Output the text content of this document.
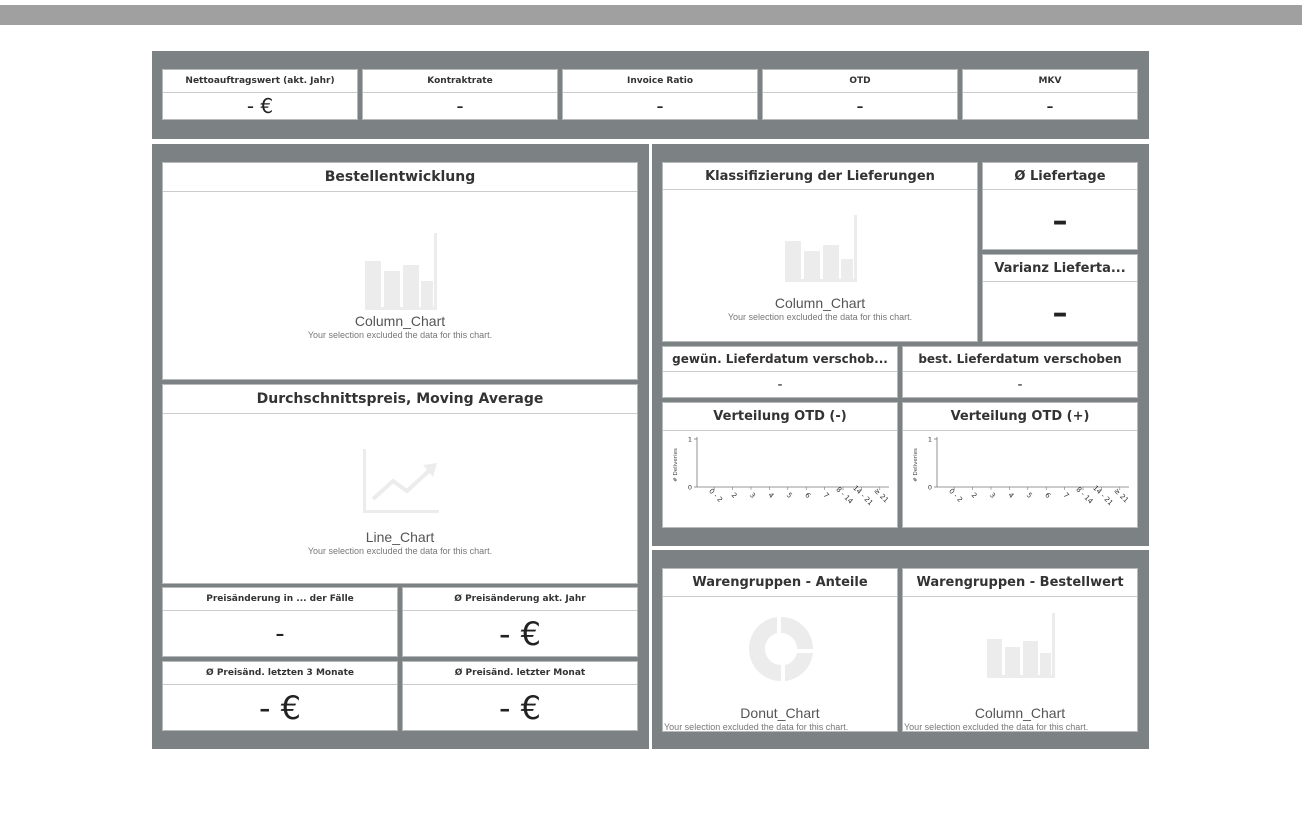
Nettoauftragswert (akt. Jahr)
- €
Kontraktrate
-
Invoice Ratio
-
OTD
-
MKV
-
Bestellentwicklung
Column_Chart
Your selection excluded the data for this chart.
Durchschnittspreis, Moving Average
Line_Chart
Your selection excluded the data for this chart.
Preisänderung in ... der Fälle
-
Ø Preisänderung akt. Jahr
- €
Ø Preisänd. letzten 3 Monate
- €
Ø Preisänd. letzter Monat
- €
Klassifizierung der Lieferungen
Column_Chart
Your selection excluded the data for this chart.
Ø Liefertage
–
Varianz Lieferta...
–
gewün. Lieferdatum verschob...
-
best. Lieferdatum verschoben
-
Verteilung OTD (-)
# Deliveries
0
1
0 - 2 2 3 4 5 6 7 8 - 14
14 - 21
≥ 21
Verteilung OTD (+)
# Deliveries
0
1
0 - 2 2 3 4 5 6 7 8 - 14
14 - 21
≥ 21
Warengruppen - Anteile
Donut_Chart
Your selection excluded the data for this chart.
Warengruppen - Bestellwert
Column_Chart
Your selection excluded the data for this chart.
